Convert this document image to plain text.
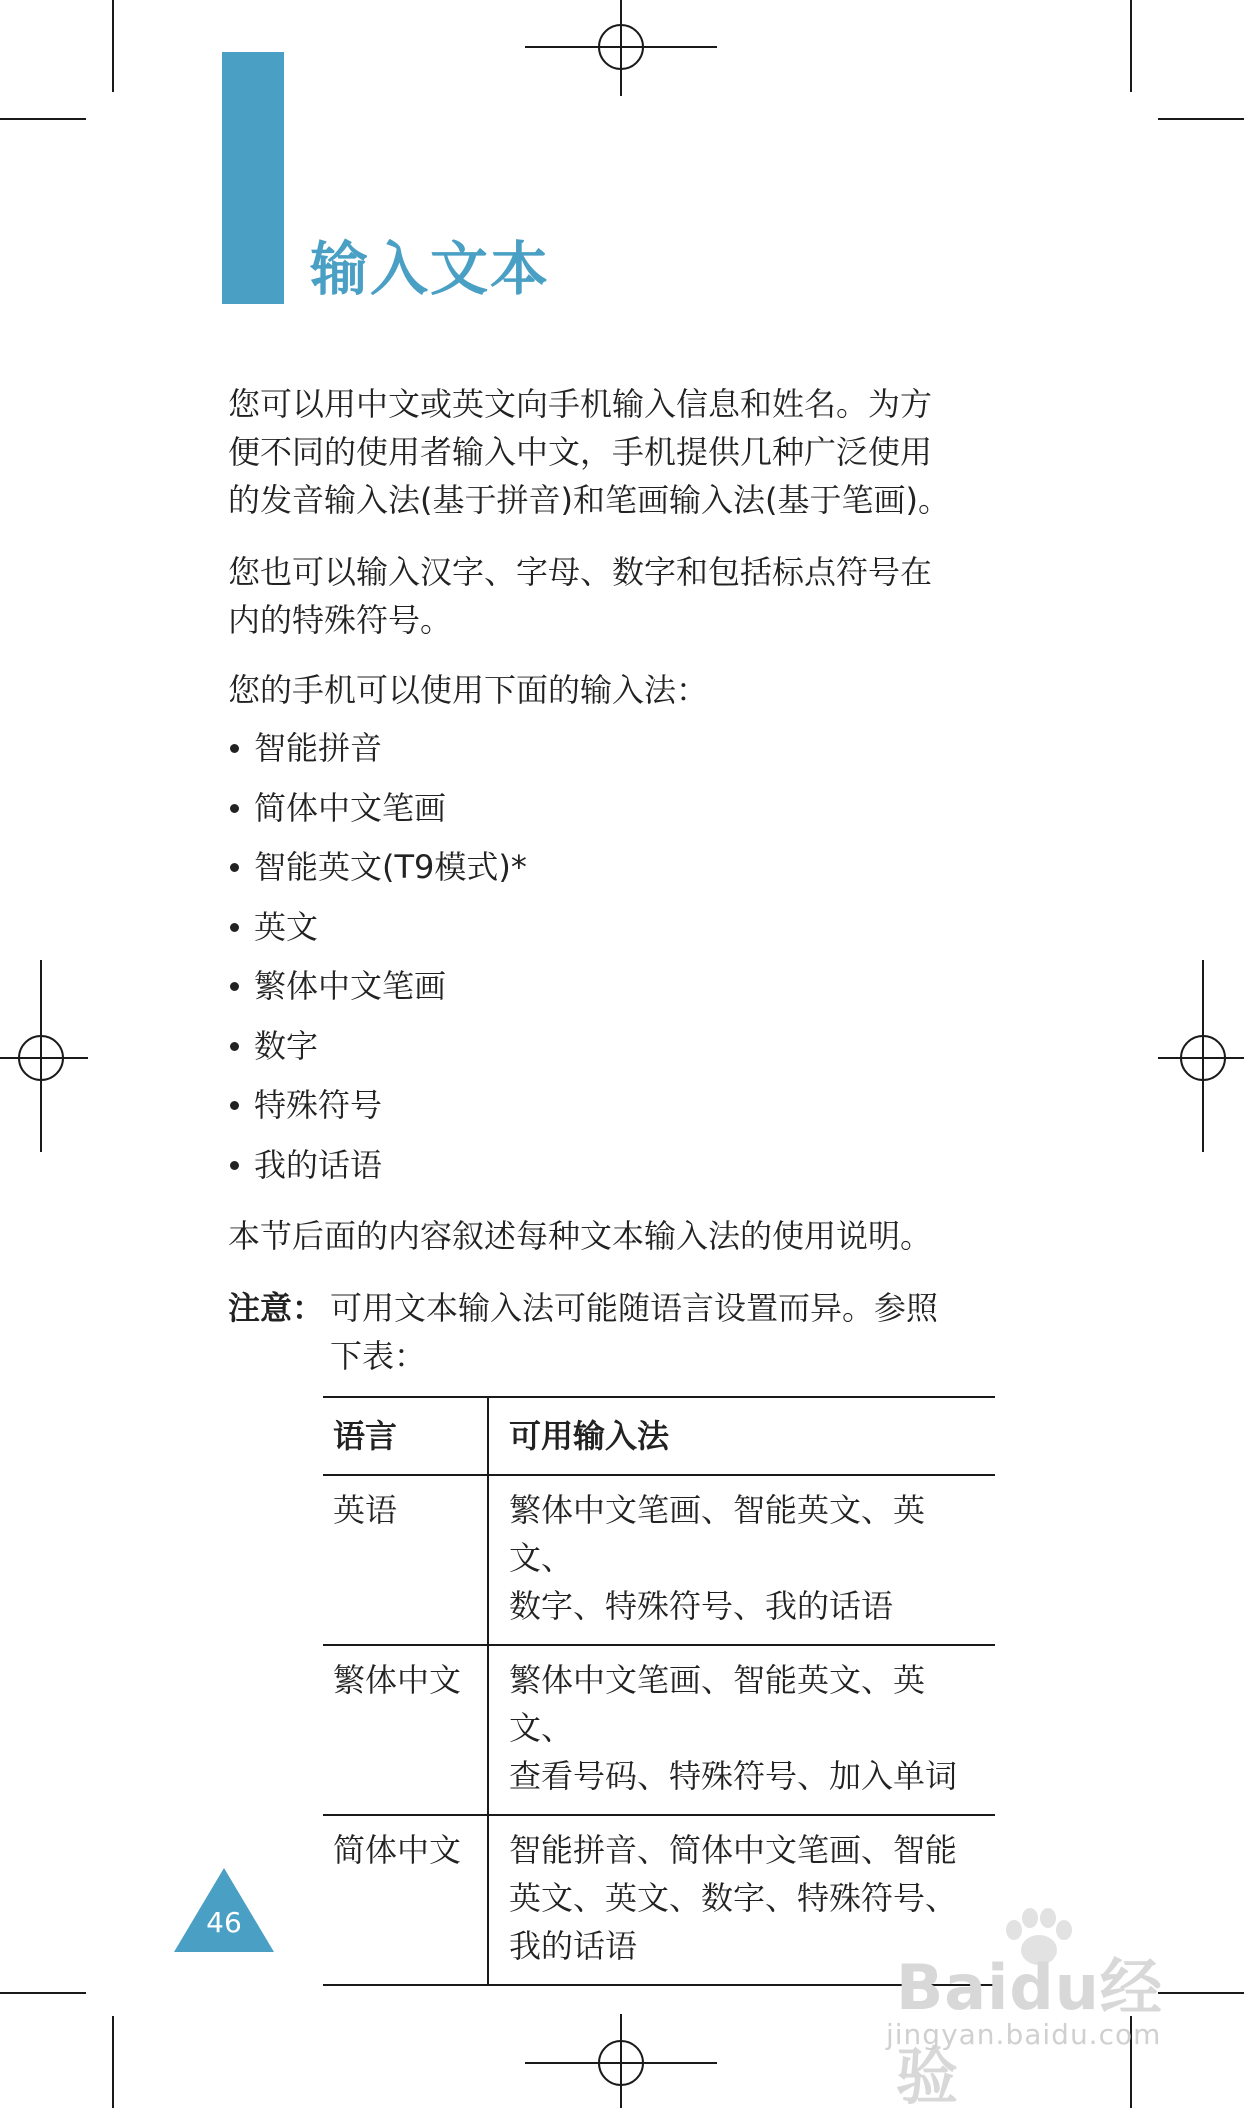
输入文本
您可以用中文或英文向手机输入信息和姓名。为方
便不同的使用者输入中文，手机提供几种广泛使用
的发音输入法(基于拼音)和笔画输入法(基于笔画)。
您也可以输入汉字、字母、数字和包括标点符号在
内的特殊符号。
您的手机可以使用下面的输入法：
智能拼音
简体中文笔画
智能英文(T9模式)*
英文
繁体中文笔画
数字
特殊符号
我的话语
本节后面的内容叙述每种文本输入法的使用说明。
注意： 可用文本输入法可能随语言设置而异。参照
下表：
语言	可用输入法
英语	繁体中文笔画、智能英文、英文、
数字、特殊符号、我的话语

繁体中文	繁体中文笔画、智能英文、英文、
查看号码、特殊符号、加入单词

简体中文	智能拼音、简体中文笔画、智能
英文、英文、数字、特殊符号、
我的话语
46
Baidu经验
jingyan.baidu.com
